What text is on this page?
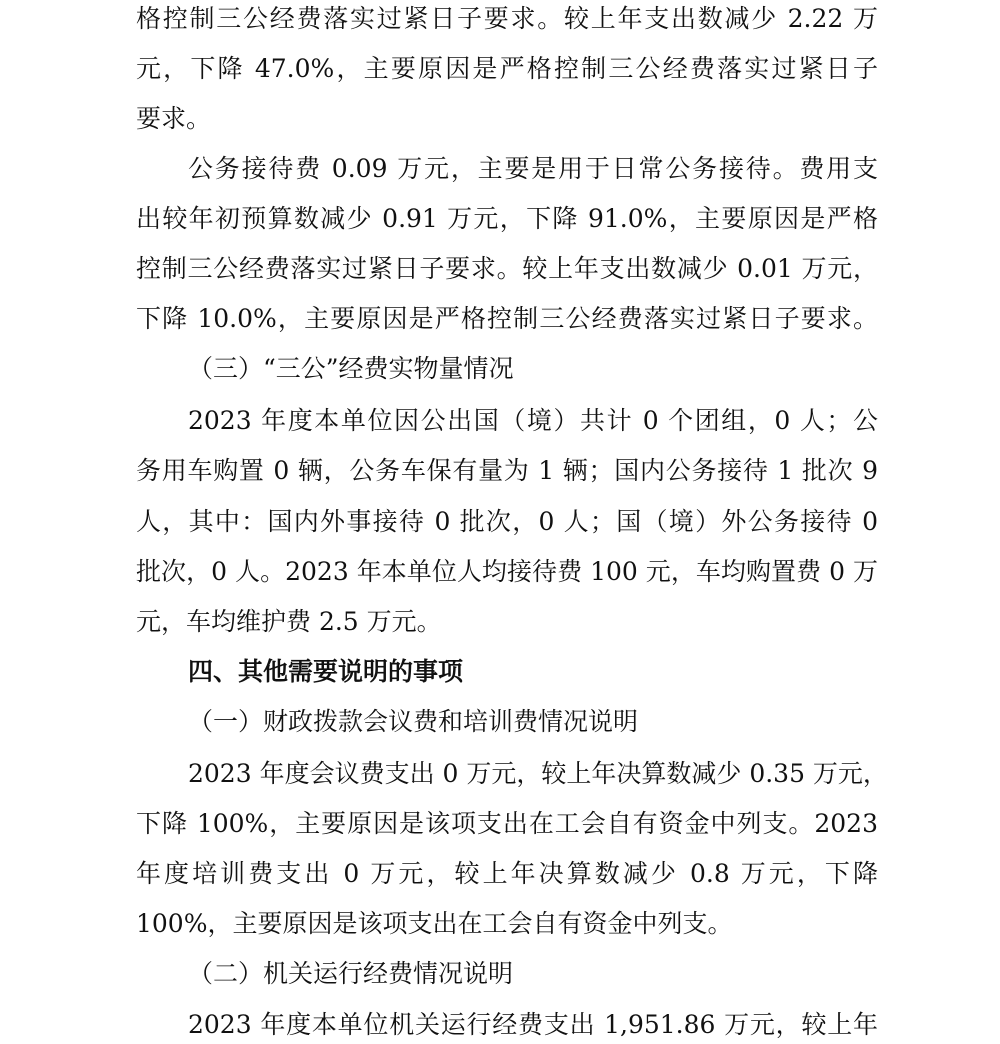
格控制三公经费落实过紧日子要求。较上年支出数减少 2.22 万
元，下降 47.0%，主要原因是严格控制三公经费落实过紧日子
要求。
公务接待费 0.09 万元，主要是用于日常公务接待。费用支
出较年初预算数减少 0.91 万元，下降 91.0%，主要原因是严格
控制三公经费落实过紧日子要求。较上年支出数减少 0.01 万元，
下降 10.0%，主要原因是严格控制三公经费落实过紧日子要求。
（三）“三公”经费实物量情况
2023 年度本单位因公出国（境）共计 0 个团组，0 人；公
务用车购置 0 辆，公务车保有量为 1 辆；国内公务接待 1 批次 9
人，其中：国内外事接待 0 批次，0 人；国（境）外公务接待 0
批次，0 人。2023 年本单位人均接待费 100 元，车均购置费 0 万
元，车均维护费 2.5 万元。
四、其他需要说明的事项
（一）财政拨款会议费和培训费情况说明
2023 年度会议费支出 0 万元，较上年决算数减少 0.35 万元，
下降 100%，主要原因是该项支出在工会自有资金中列支。2023
年度培训费支出 0 万元，较上年决算数减少 0.8 万元，下降
100%，主要原因是该项支出在工会自有资金中列支。
（二）机关运行经费情况说明
2023 年度本单位机关运行经费支出 1,951.86 万元，较上年
